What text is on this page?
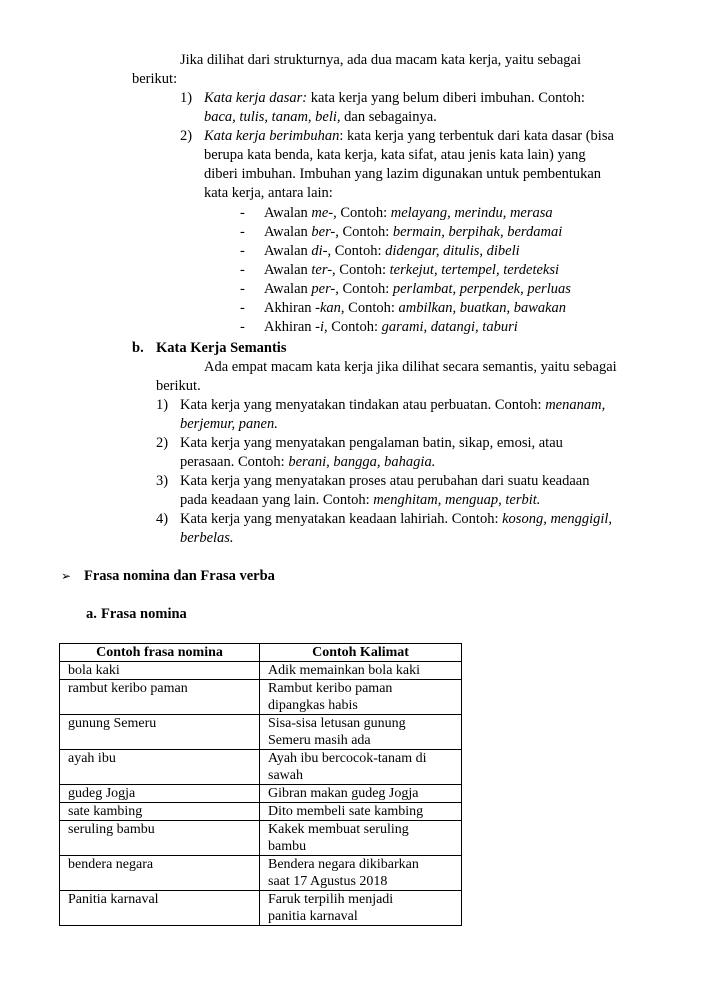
Jika dilihat dari strukturnya, ada dua macam kata kerja, yaitu sebagai
berikut:
1) Kata kerja dasar: kata kerja yang belum diberi imbuhan. Contoh:
baca, tulis, tanam, beli, dan sebagainya.
2) Kata kerja berimbuhan: kata kerja yang terbentuk dari kata dasar (bisa
berupa kata benda, kata kerja, kata sifat, atau jenis kata lain) yang
diberi imbuhan. Imbuhan yang lazim digunakan untuk pembentukan
kata kerja, antara lain:
- Awalan me-, Contoh: melayang, merindu, merasa
- Awalan ber-, Contoh: bermain, berpihak, berdamai
- Awalan di-, Contoh: didengar, ditulis, dibeli
- Awalan ter-, Contoh: terkejut, tertempel, terdeteksi
- Awalan per-, Contoh: perlambat, perpendek, perluas
- Akhiran -kan, Contoh: ambilkan, buatkan, bawakan
- Akhiran -i, Contoh: garami, datangi, taburi
b. Kata Kerja Semantis
Ada empat macam kata kerja jika dilihat secara semantis, yaitu sebagai
berikut.
1) Kata kerja yang menyatakan tindakan atau perbuatan. Contoh: menanam,
berjemur, panen.
2) Kata kerja yang menyatakan pengalaman batin, sikap, emosi, atau
perasaan. Contoh: berani, bangga, bahagia.
3) Kata kerja yang menyatakan proses atau perubahan dari suatu keadaan
pada keadaan yang lain. Contoh: menghitam, menguap, terbit.
4) Kata kerja yang menyatakan keadaan lahiriah. Contoh: kosong, menggigil,
berbelas.
➢ Frasa nomina dan Frasa verba
a. Frasa nomina
Contoh frasa nomina	Contoh Kalimat
bola kaki	Adik memainkan bola kaki

rambut keribo paman	Rambut keribo paman
dipangkas habis

gunung Semeru	Sisa-sisa letusan gunung
Semeru masih ada

ayah ibu	Ayah ibu bercocok-tanam di
sawah

gudeg Jogja	Gibran makan gudeg Jogja

sate kambing	Dito membeli sate kambing

seruling bambu	Kakek membuat seruling
bambu

bendera negara	Bendera negara dikibarkan
saat 17 Agustus 2018

Panitia karnaval	Faruk terpilih menjadi
panitia karnaval
